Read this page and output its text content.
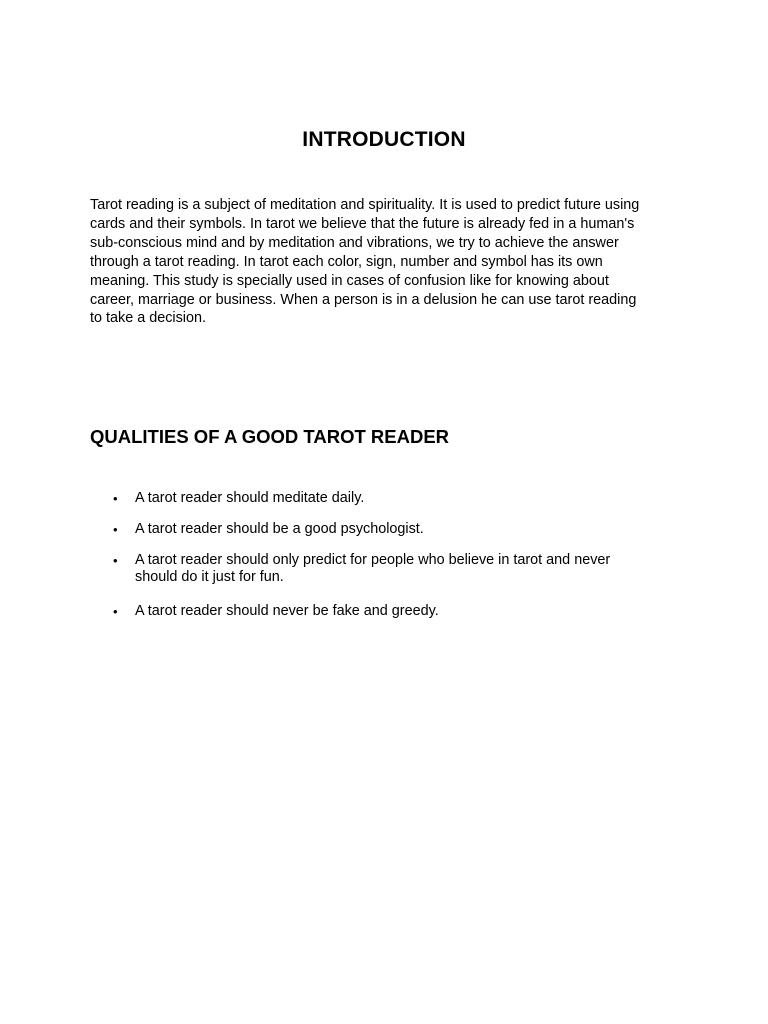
INTRODUCTION

Tarot reading is a subject of meditation and spirituality. It is used to predict future using
cards and their symbols. In tarot we believe that the future is already fed in a human's
sub-conscious mind and by meditation and vibrations, we try to achieve the answer
through a tarot reading. In tarot each color, sign, number and symbol has its own
meaning. This study is specially used in cases of confusion like for knowing about
career, marriage or business. When a person is in a delusion he can use tarot reading
to take a decision.

QUALITIES OF A GOOD TAROT READER
• A tarot reader should meditate daily.
• A tarot reader should be a good psychologist.
• A tarot reader should only predict for people who believe in tarot and never
should do it just for fun.
• A tarot reader should never be fake and greedy.
